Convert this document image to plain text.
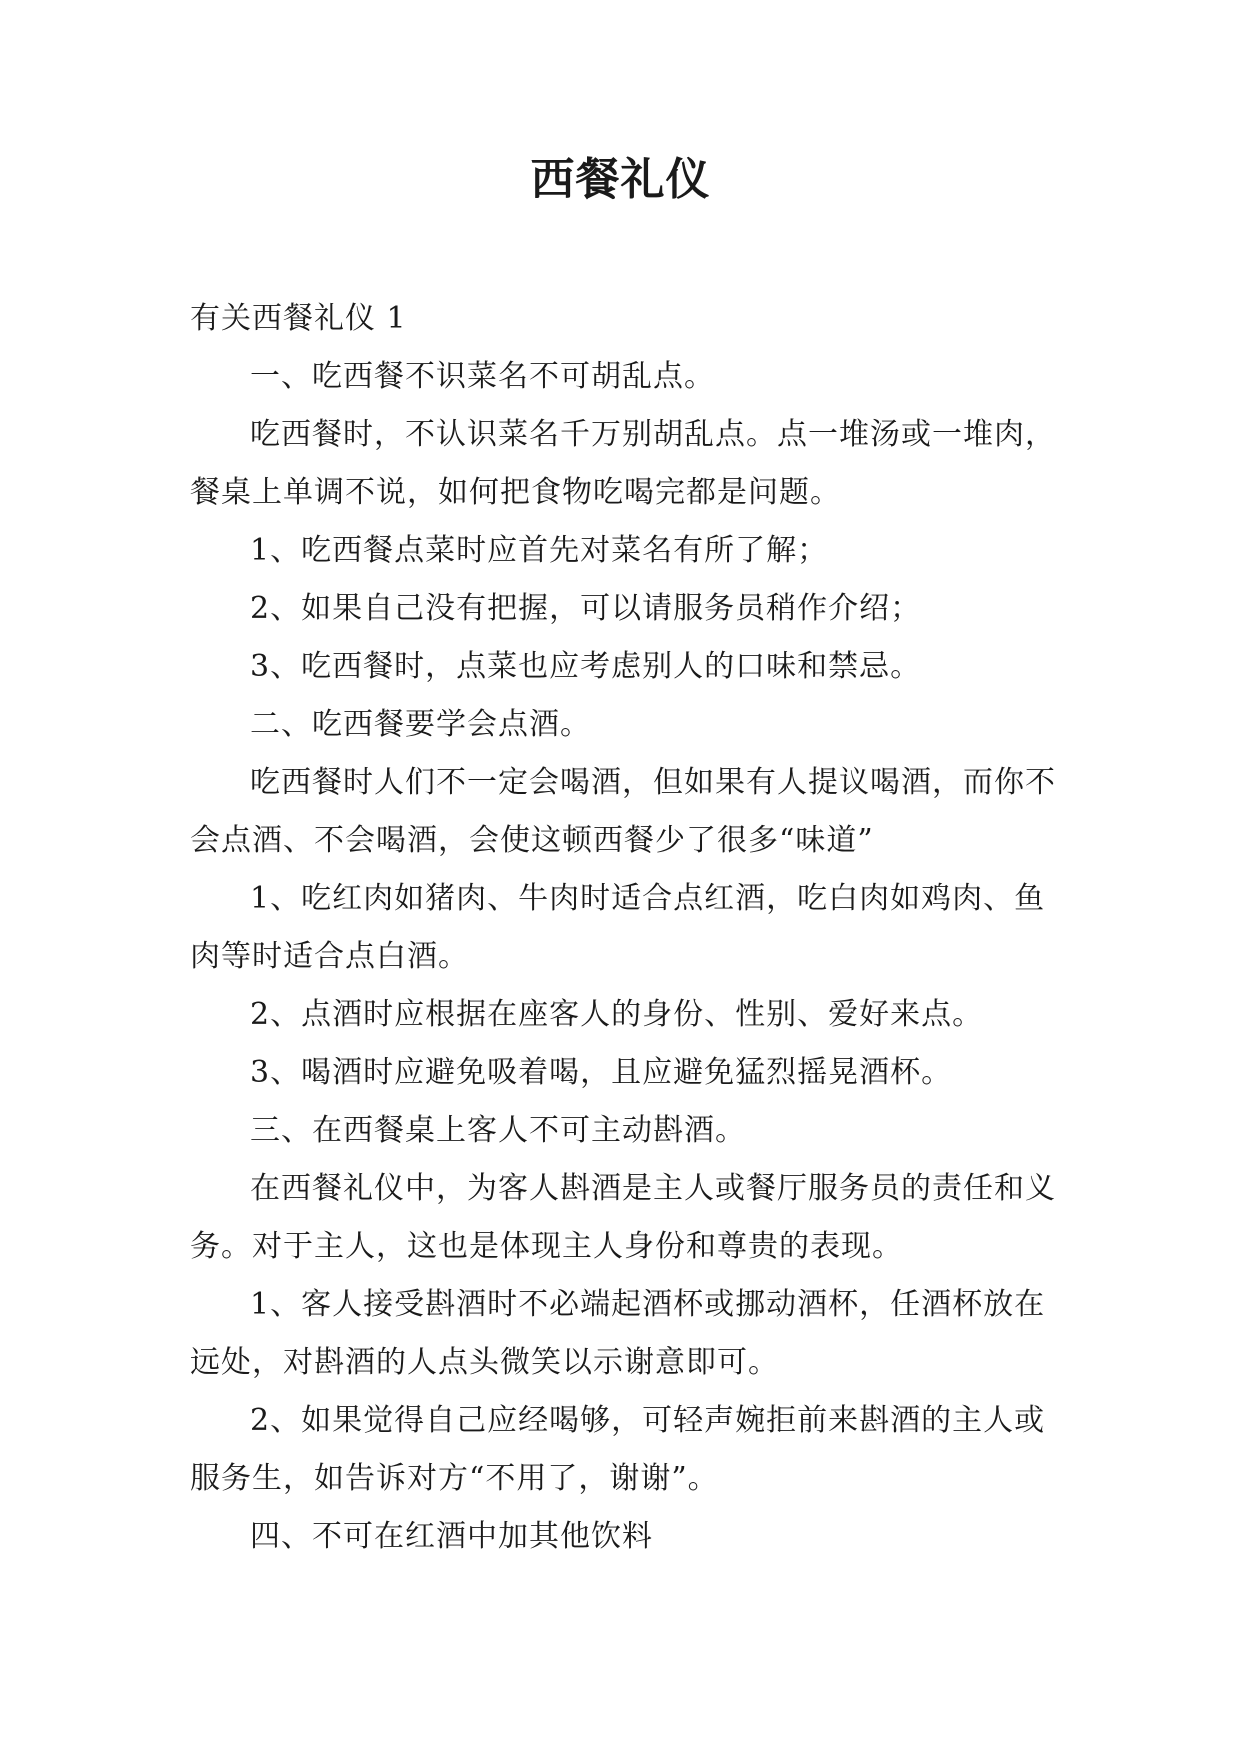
西餐礼仪

有关西餐礼仪 1

一、吃西餐不识菜名不可胡乱点。

吃西餐时，不认识菜名千万别胡乱点。点一堆汤或一堆肉，餐桌上单调不说，如何把食物吃喝完都是问题。

1、吃西餐点菜时应首先对菜名有所了解；

2、如果自己没有把握，可以请服务员稍作介绍；

3、吃西餐时，点菜也应考虑别人的口味和禁忌。

二、吃西餐要学会点酒。

吃西餐时人们不一定会喝酒，但如果有人提议喝酒，而你不会点酒、不会喝酒，会使这顿西餐少了很多“味道”

1、吃红肉如猪肉、牛肉时适合点红酒，吃白肉如鸡肉、鱼肉等时适合点白酒。

2、点酒时应根据在座客人的身份、性别、爱好来点。

3、喝酒时应避免吸着喝，且应避免猛烈摇晃酒杯。

三、在西餐桌上客人不可主动斟酒。

在西餐礼仪中，为客人斟酒是主人或餐厅服务员的责任和义务。对于主人，这也是体现主人身份和尊贵的表现。

1、客人接受斟酒时不必端起酒杯或挪动酒杯，任酒杯放在远处，对斟酒的人点头微笑以示谢意即可。

2、如果觉得自己应经喝够，可轻声婉拒前来斟酒的主人或服务生，如告诉对方“不用了，谢谢”。

四、不可在红酒中加其他饮料
